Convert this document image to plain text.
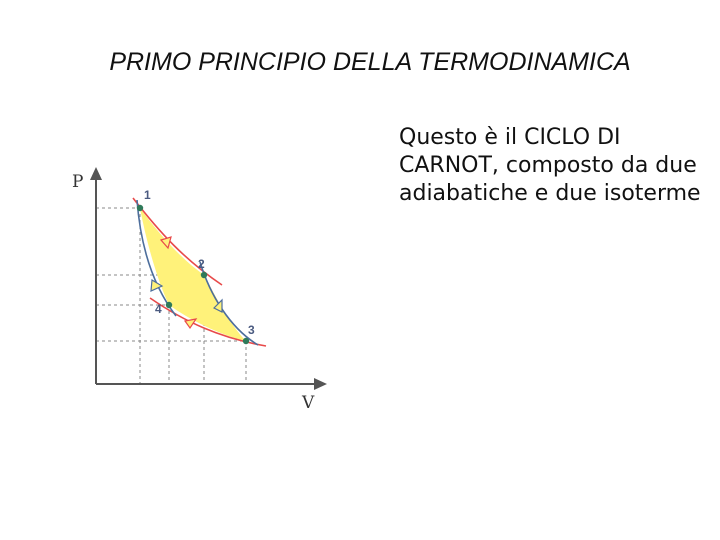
PRIMO PRINCIPIO DELLA TERMODINAMICA
Questo è il CICLO DI CARNOT, composto da due adiabatiche e due isoterme
P
V
1
2
3
4
